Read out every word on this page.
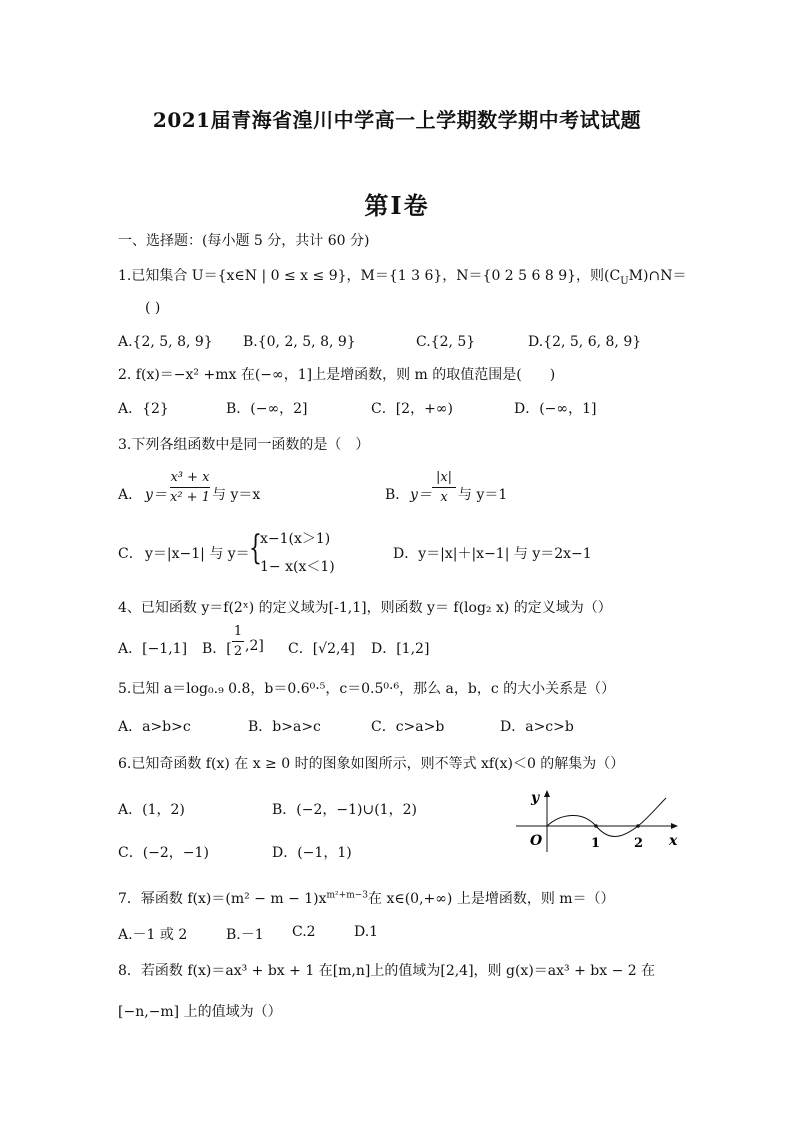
2021届青海省湟川中学高一上学期数学期中考试试题
第Ⅰ卷
一、选择题：(每小题 5 分，共计 60 分)
1.已知集合 U＝{x∈N | 0 ≤ x ≤ 9}，M＝{1 3 6}，N＝{0 2 5 6 8 9}，则$(C_UM)\cap N=$
( )
A.{2, 5, 8, 9} B.{0, 2, 5, 8, 9}	C.{2, 5}	D.{2, 5, 6, 8, 9}
2. f(x)＝−x² +mx 在(−∞，1]上是增函数，则 m 的取值范围是(　　)
A．{2}	B．(−∞，2]	C．[2，+∞)	D．(−∞，1]
3.下列各组函数中是同一函数的是（　）
A． y＝
x³ + x
x² + 1 与 y＝x	B． y＝
|x|
x 与 y＝1
C． y＝|x−1| 与 y＝ {
x−1(x＞1)
1− x(x＜1)
D．y＝|x|＋|x−1| 与 y＝2x−1
4、已知函数 y＝f(2ˣ) 的定义域为[-1,1]，则函数 y＝ f(log₂ x) 的定义域为（）
A．[−1,1] B．[
1
2 ,2] C．[√2,4] D．[1,2]
5.已知 a＝log₀.₉ 0.8，b＝0.6⁰·⁵，c＝0.5⁰·⁶，那么 a，b，c 的大小关系是（）
A．a>b>c	B．b>a>c	C．c>a>b	D．a>c>b
6.已知奇函数 f(x) 在 x ≥ 0 时的图象如图所示，则不等式 xf(x)＜0 的解集为（）
A．(1，2)	B．(−2，−1)∪(1，2)
C．(−2，−1)	D．(−1，1)
y
O	1	2 x
7．幂函数 $f(x)=(m^2 - m - 1)x^{m^2+m-3}$在 x∈(0,+∞) 上是增函数，则 m＝（）
A.－1 或 2	B.－1 C.2	D.1
8．若函数 f(x)＝ax³ + bx + 1 在[m,n]上的值域为[2,4]，则 g(x)＝ax³ + bx − 2 在
[−n,−m] 上的值域为（）
